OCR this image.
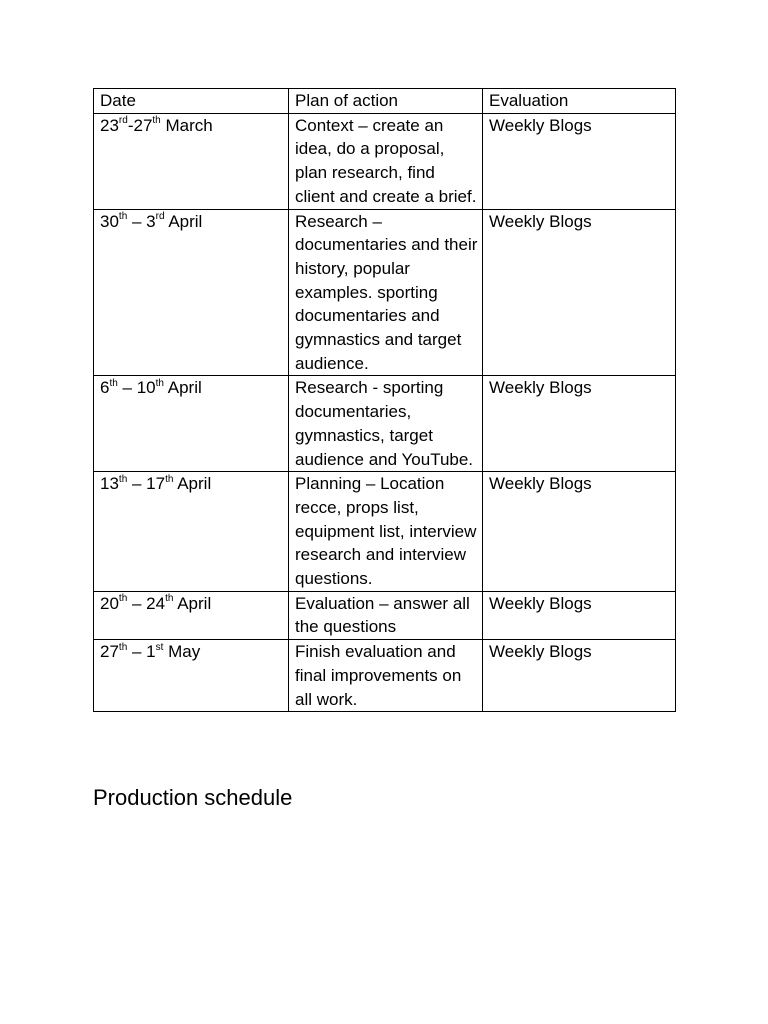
Date	Plan of action	Evaluation
23rd-27th March	Context – create an idea, do a proposal, plan research, find client and create a brief.	Weekly Blogs
30th – 3rd April	Research – documentaries and their history, popular examples. sporting documentaries and gymnastics and target audience.	Weekly Blogs
6th – 10th April	Research - sporting documentaries, gymnastics, target audience and YouTube.	Weekly Blogs
13th – 17th April	Planning – Location recce, props list, equipment list, interview research and interview questions.	Weekly Blogs
20th – 24th April	Evaluation – answer all the questions	Weekly Blogs
27th – 1st May	Finish evaluation and final improvements on all work.	Weekly Blogs
Production schedule
